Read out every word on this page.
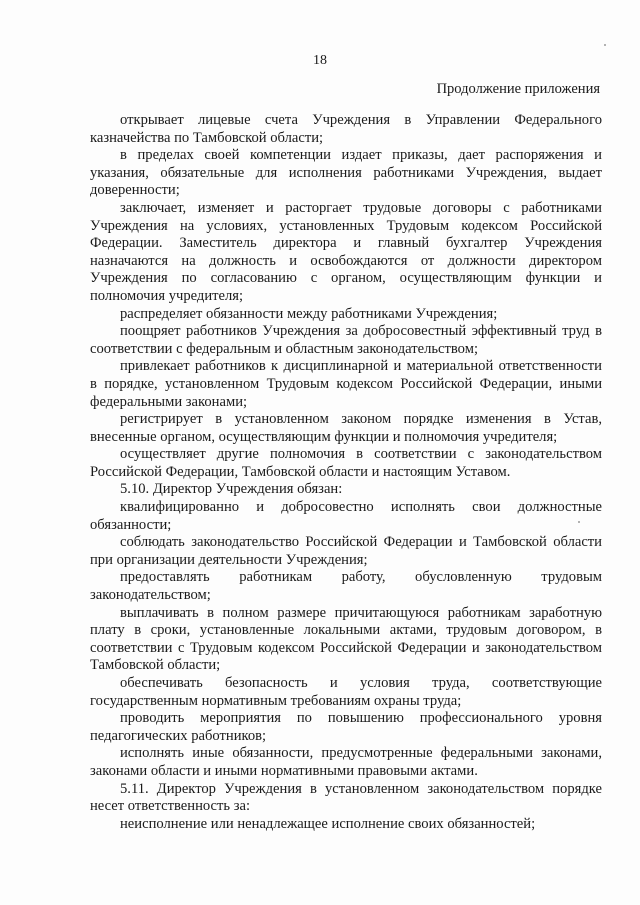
18
Продолжение приложения

открывает лицевые счета Учреждения в Управлении Федерального казначейства по Тамбовской области;

в пределах своей компетенции издает приказы, дает распоряжения и указания, обязательные для исполнения работниками Учреждения, выдает доверенности;

заключает, изменяет и расторгает трудовые договоры с работниками Учреждения на условиях, установленных Трудовым кодексом Российской Федерации. Заместитель директора и главный бухгалтер Учреждения назначаются на должность и освобождаются от должности директором Учреждения по согласованию с органом, осуществляющим функции и полномочия учредителя;

распределяет обязанности между работниками Учреждения;

поощряет работников Учреждения за добросовестный эффективный труд в соответствии с федеральным и областным законодательством;

привлекает работников к дисциплинарной и материальной ответственности в порядке, установленном Трудовым кодексом Российской Федерации, иными федеральными законами;

регистрирует в установленном законом порядке изменения в Устав, внесенные органом, осуществляющим функции и полномочия учредителя;

осуществляет другие полномочия в соответствии с законодательством Российской Федерации, Тамбовской области и настоящим Уставом.

5.10. Директор Учреждения обязан:

квалифицированно и добросовестно исполнять свои должностные обязанности;

соблюдать законодательство Российской Федерации и Тамбовской области при организации деятельности Учреждения;

предоставлять работникам работу, обусловленную трудовым законодательством;

выплачивать в полном размере причитающуюся работникам заработную плату в сроки, установленные локальными актами, трудовым договором, в соответствии с Трудовым кодексом Российской Федерации и законодательством Тамбовской области;

обеспечивать безопасность и условия труда, соответствующие государственным нормативным требованиям охраны труда;

проводить мероприятия по повышению профессионального уровня педагогических работников;

исполнять иные обязанности, предусмотренные федеральными законами, законами области и иными нормативными правовыми актами.

5.11. Директор Учреждения в установленном законодательством порядке несет ответственность за:

неисполнение или ненадлежащее исполнение своих обязанностей;
